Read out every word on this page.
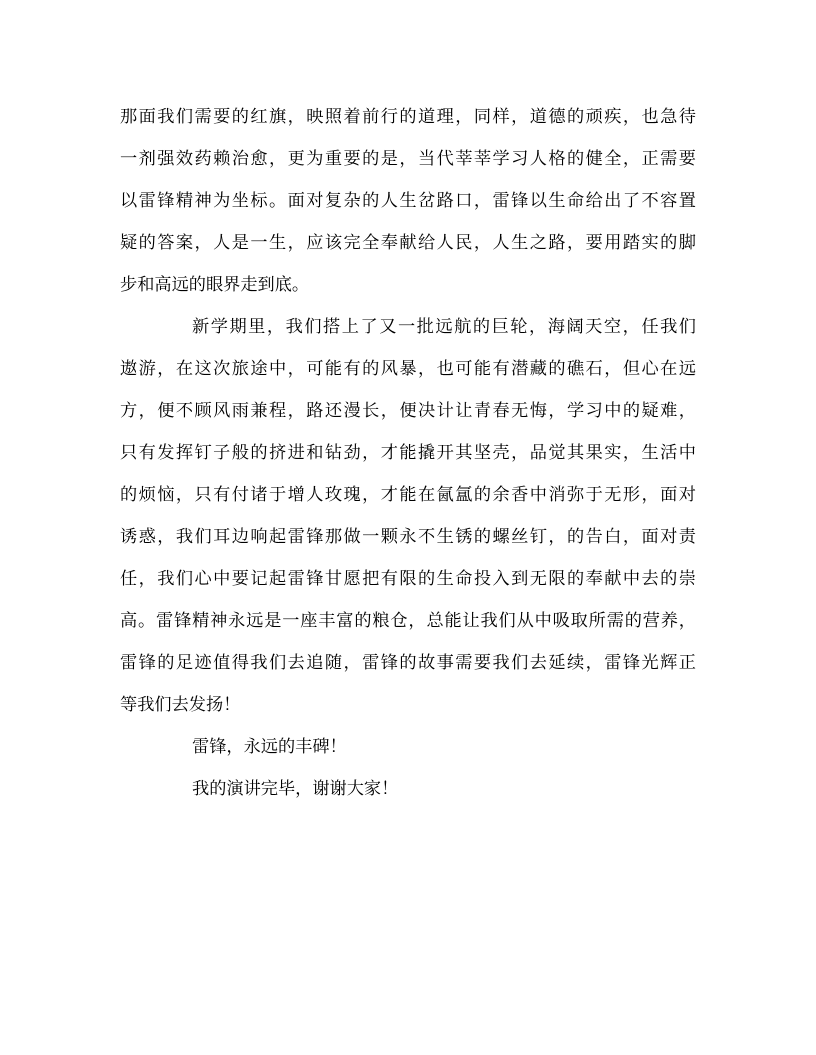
那面我们需要的红旗，映照着前行的道理，同样，道德的顽疾，也急待
一剂强效药赖治愈，更为重要的是，当代莘莘学习人格的健全，正需要
以雷锋精神为坐标。面对复杂的人生岔路口，雷锋以生命给出了不容置
疑的答案，人是一生，应该完全奉献给人民，人生之路，要用踏实的脚
步和高远的眼界走到底。
新学期里，我们搭上了又一批远航的巨轮，海阔天空，任我们
遨游，在这次旅途中，可能有的风暴，也可能有潜藏的礁石，但心在远
方，便不顾风雨兼程，路还漫长，便决计让青春无悔，学习中的疑难，
只有发挥钉子般的挤进和钻劲，才能撬开其坚壳，品觉其果实，生活中
的烦恼，只有付诸于增人玫瑰，才能在氤氲的余香中消弥于无形，面对
诱惑，我们耳边响起雷锋那做一颗永不生锈的螺丝钉，的告白，面对责
任，我们心中要记起雷锋甘愿把有限的生命投入到无限的奉献中去的崇
高。雷锋精神永远是一座丰富的粮仓，总能让我们从中吸取所需的营养，
雷锋的足迹值得我们去追随，雷锋的故事需要我们去延续，雷锋光辉正
等我们去发扬！
雷锋，永远的丰碑！
我的演讲完毕，谢谢大家！
